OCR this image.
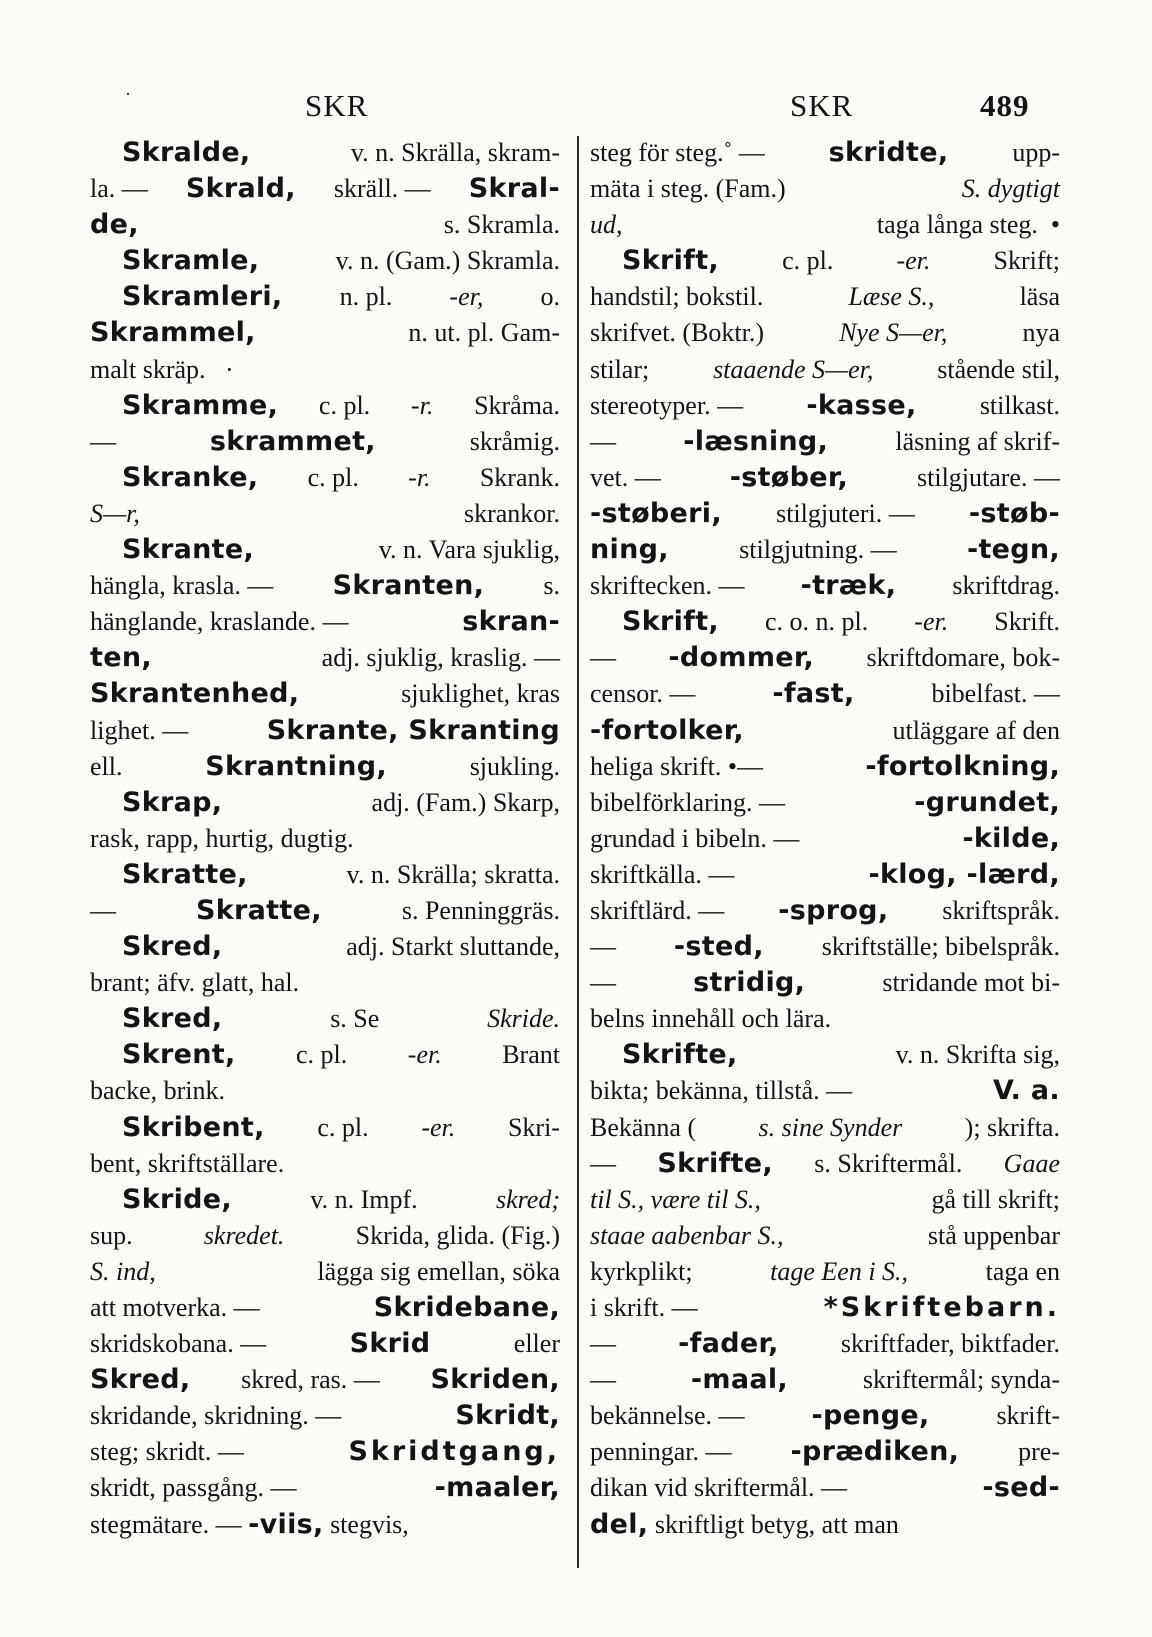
·	SKR	SKR	489
Skralde,	v. n. Skrälla, skram-
la. — Skrald, skräll. — Skral-
de,	s. Skramla.
Skramle,	v. n. (Gam.) Skramla.
Skramleri, n. pl. -er, o.
Skrammel,	n. ut. pl. Gam-
malt skräp.   ·
Skramme, c. pl. -r. Skråma.
—	skrammet,	skråmig.
Skranke, c. pl. -r. Skrank.
S—r,	skrankor.
Skrante,	v. n. Vara sjuklig,
hängla, krasla. — Skranten, s.
hänglande, kraslande. —	skran-
ten,	adj. sjuklig, kraslig. —
Skrantenhed,	sjuklighet, kras
lighet. —	Skrante, Skranting
ell.	Skrantning,	sjukling.
Skrap,	adj. (Fam.) Skarp,
rask, rapp, hurtig, dugtig.
Skratte,	v. n. Skrälla; skratta.
—	Skratte,	s. Penninggräs.
Skred,	adj. Starkt sluttande,
brant; äfv. glatt, hal.
Skred,	s. Se	Skride.
Skrent, c. pl. -er. Brant
backe, brink.
Skribent, c. pl. -er. Skri-
bent, skriftställare.
Skride,	v. n. Impf.	skred;
sup. skredet. Skrida, glida. (Fig.)
S. ind,	lägga sig emellan, söka
att motverka. —	Skridebane,
skridskobana. —	Skrid	eller
Skred, skred, ras. — Skriden,
skridande, skridning. —	Skridt,
steg; skridt. —	Skridtgang,
skridt, passgång. —	-maaler,
stegmätare. — -viis, stegvis,
steg för steg.˚ — skridte, upp-
mäta i steg. (Fam.)	S. dygtigt
ud,	taga långa steg.  •
Skrift, c. pl. -er. Skrift;
handstil; bokstil.	Læse S.,	läsa
skrifvet. (Boktr.)	Nye S—er,	nya
stilar; staaende S—er, stående stil,
stereotyper. — -kasse, stilkast.
— -læsning, läsning af skrif-
vet. — -støber, stilgjutare. —
-støberi, stilgjuteri. — -støb-
ning, stilgjutning. — -tegn,
skriftecken. — -træk, skriftdrag.
Skrift, c. o. n. pl. -er. Skrift.
— -dommer, skriftdomare, bok-
censor. —	-fast,	bibelfast. —
-fortolker,	utläggare af den
heliga skrift. •—	-fortolkning,
bibelförklaring. —	-grundet,
grundad i bibeln. —	-kilde,
skriftkälla. —	-klog, -lærd,
skriftlärd. — -sprog, skriftspråk.
— -sted, skriftställe; bibelspråk.
—	stridig,	stridande mot bi-
belns innehåll och lära.
Skrifte,	v. n. Skrifta sig,
bikta; bekänna, tillstå. —	V. a.
Bekänna ( s. sine Synder ); skrifta.
— Skrifte, s. Skriftermål. Gaae
til S., være til S.,	gå till skrift;
staae aabenbar S.,	stå uppenbar
kyrkplikt;	tage Een i S.,	taga en
i skrift. —	*Skriftebarn.
— -fader, skriftfader, biktfader.
—	-maal,	skriftermål; synda-
bekännelse. — -penge, skrift-
penningar. — -prædiken, pre-
dikan vid skriftermål. —	-sed-
del, skriftligt betyg, att man
